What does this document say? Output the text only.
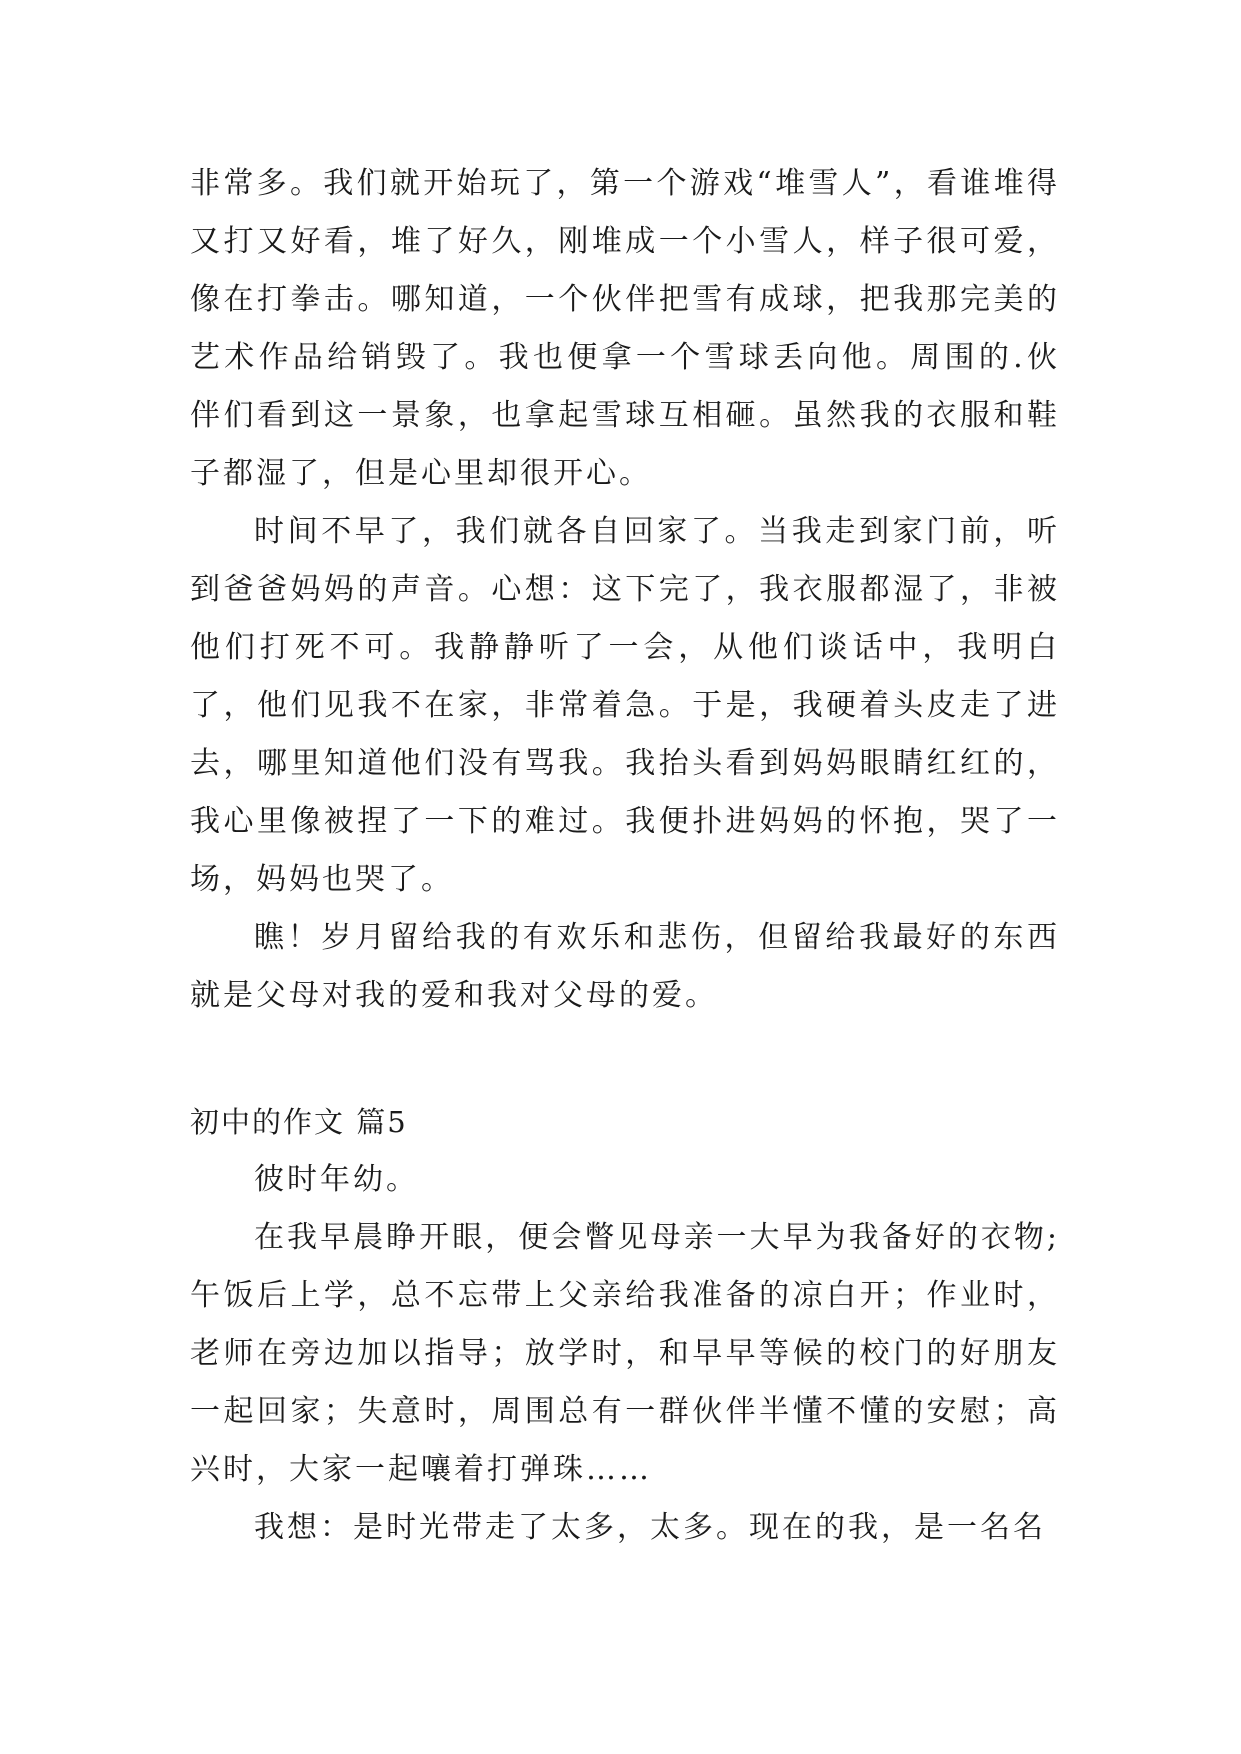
非常多。我们就开始玩了，第一个游戏“堆雪人”，看谁堆得又打又好看，堆了好久，刚堆成一个小雪人，样子很可爱，像在打拳击。哪知道，一个伙伴把雪有成球，把我那完美的艺术作品给销毁了。我也便拿一个雪球丢向他。周围的.伙伴们看到这一景象，也拿起雪球互相砸。虽然我的衣服和鞋子都湿了，但是心里却很开心。

时间不早了，我们就各自回家了。当我走到家门前，听到爸爸妈妈的声音。心想：这下完了，我衣服都湿了，非被他们打死不可。我静静听了一会，从他们谈话中，我明白了，他们见我不在家，非常着急。于是，我硬着头皮走了进去，哪里知道他们没有骂我。我抬头看到妈妈眼睛红红的，我心里像被捏了一下的难过。我便扑进妈妈的怀抱，哭了一场，妈妈也哭了。

瞧！岁月留给我的有欢乐和悲伤，但留给我最好的东西就是父母对我的爱和我对父母的爱。

初中的作文 篇5

彼时年幼。

在我早晨睁开眼，便会瞥见母亲一大早为我备好的衣物;午饭后上学，总不忘带上父亲给我准备的凉白开；作业时，老师在旁边加以指导；放学时，和早早等候的校门的好朋友一起回家；失意时，周围总有一群伙伴半懂不懂的安慰；高兴时，大家一起嚷着打弹珠……

我想：是时光带走了太多，太多。现在的我，是一名名
